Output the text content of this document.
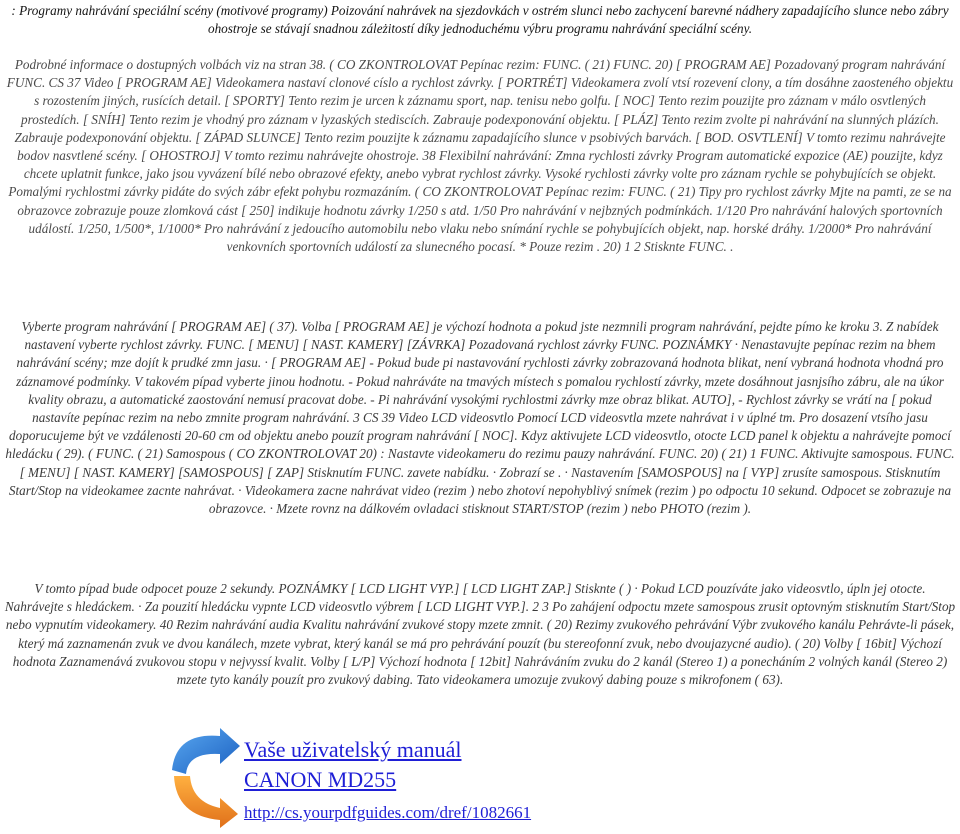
: Programy nahrávání speciální scény (motivové programy) Poizování nahrávek na sjezdovkách v ostrém slunci nebo zachycení barevné nádhery zapadajícího slunce nebo zábry ohostroje se stávají snadnou záleżitostí díky jednoduchému výbru programu nahrávání speciální scény.

Podrobné informace o dostupných volbách viz na stran 38. ( CO ZKONTROLOVAT Pepínac rezim: FUNC. ( 21) FUNC. 20) [ PROGRAM AE] Pozadovaný program nahrávání FUNC. CS 37 Video [ PROGRAM AE] Videokamera nastaví clonové císlo a rychlost závrky. [ PORTRÉT] Videokamera zvolí vtsí rozevení clony, a tím dosáhne zaosteného objektu s rozostením jiných, rusících detail. [ SPORTY] Tento rezim je urcen k záznamu sport, nap. tenisu nebo golfu. [ NOC] Tento rezim pouzijte pro záznam v málo osvtlených prostedích. [ SNÍH] Tento rezim je vhodný pro záznam v lyzaských stediscích. Zabrauje podexponování objektu. [ PLÁZ] Tento rezim zvolte pi nahrávání na slunných plázích. Zabrauje podexponování objektu. [ ZÁPAD SLUNCE] Tento rezim pouzijte k záznamu zapadajícího slunce v psobivých barvách. [ BOD. OSVTLENÍ] V tomto rezimu nahrávejte bodov nasvtlené scény. [ OHOSTROJ] V tomto rezimu nahrávejte ohostroje. 38 Flexibilní nahrávání: Zmna rychlosti závrky Program automatické expozice (AE) pouzijte, kdyz chcete uplatnit funkce, jako jsou vyvázení bílé nebo obrazové efekty, anebo vybrat rychlost závrky. Vysoké rychlosti závrky volte pro záznam rychle se pohybujících se objekt. Pomalými rychlostmi závrky pidáte do svých zábr efekt pohybu rozmazáním. ( CO ZKONTROLOVAT Pepínac rezim: FUNC. ( 21) Tipy pro rychlost závrky Mjte na pamti, ze se na obrazovce zobrazuje pouze zlomková cást [ 250] indikuje hodnotu závrky 1/250 s atd. 1/50 Pro nahrávání v nejbzných podmínkách. 1/120 Pro nahrávání halových sportovních událostí. 1/250, 1/500*, 1/1000* Pro nahrávání z jedoucího automobilu nebo vlaku nebo snímání rychle se pohybujících objekt, nap. horské dráhy. 1/2000* Pro nahrávání venkovních sportovních událostí za slunecného pocasí. * Pouze rezim . 20) 1 2 Stisknte FUNC. .

Vyberte program nahrávání [ PROGRAM AE] ( 37). Volba [ PROGRAM AE] je výchozí hodnota a pokud jste nezmnili program nahrávání, pejdte pímo ke kroku 3. Z nabídek nastavení vyberte rychlost závrky. FUNC. [ MENU] [ NAST. KAMERY] [ZÁVRKA] Pozadovaná rychlost závrky FUNC. POZNÁMKY · Nenastavujte pepínac rezim na bhem nahrávání scény; mze dojít k prudké zmn jasu. · [ PROGRAM AE] - Pokud bude pi nastavování rychlosti závrky zobrazovaná hodnota blikat, není vybraná hodnota vhodná pro záznamové podmínky. V takovém pípad vyberte jinou hodnotu. - Pokud nahráváte na tmavých místech s pomalou rychlostí závrky, mzete dosáhnout jasnjsího zábru, ale na úkor kvality obrazu, a automatické zaostování nemusí pracovat dobe. - Pi nahrávání vysokými rychlostmi závrky mze obraz blikat. AUTO], - Rychlost závrky se vrátí na [ pokud nastavíte pepínac rezim na nebo zmnite program nahrávání. 3 CS 39 Video LCD videosvtlo Pomocí LCD videosvtla mzete nahrávat i v úplné tm. Pro dosazení vtsího jasu doporucujeme být ve vzdálenosti 20-60 cm od objektu anebo pouzít program nahrávání [ NOC]. Kdyz aktivujete LCD videosvtlo, otocte LCD panel k objektu a nahrávejte pomocí hledácku ( 29). ( FUNC. ( 21) Samospous ( CO ZKONTROLOVAT 20) : Nastavte videokameru do rezimu pauzy nahrávání. FUNC. 20) ( 21) 1 FUNC. Aktivujte samospous. FUNC. [ MENU] [ NAST. KAMERY] [SAMOSPOUS] [ ZAP] Stisknutím FUNC. zavete nabídku. · Zobrazí se . · Nastavením [SAMOSPOUS] na [ VYP] zrusíte samospous. Stisknutím Start/Stop na videokamee zacnte nahrávat. · Videokamera zacne nahrávat video (rezim ) nebo zhotoví nepohyblivý snímek (rezim ) po odpoctu 10 sekund. Odpocet se zobrazuje na obrazovce. · Mzete rovnz na dálkovém ovladaci stisknout START/STOP (rezim ) nebo PHOTO (rezim ).

V tomto pípad bude odpocet pouze 2 sekundy. POZNÁMKY [ LCD LIGHT VYP.] [ LCD LIGHT ZAP.] Stisknte ( ) · Pokud LCD pouzíváte jako videosvtlo, úpln jej otocte. Nahrávejte s hledáckem. · Za pouzití hledácku vypnte LCD videosvtlo výbrem [ LCD LIGHT VYP.]. 2 3 Po zahájení odpoctu mzete samospous zrusit optovným stisknutím Start/Stop nebo vypnutím videokamery. 40 Rezim nahrávání audia Kvalitu nahrávání zvukové stopy mzete zmnit. ( 20) Rezimy zvukového pehrávání Výbr zvukového kanálu Pehrávte-li pásek, který má zaznamenán zvuk ve dvou kanálech, mzete vybrat, který kanál se má pro pehrávání pouzít (bu stereofonní zvuk, nebo dvoujazycné audio). ( 20) Volby [ 16bit] Výchozí hodnota Zaznamenává zvukovou stopu v nejvyssí kvalit. Volby [ L/P] Výchozí hodnota [ 12bit] Nahráváním zvuku do 2 kanál (Stereo 1) a ponecháním 2 volných kanál (Stereo 2) mzete tyto kanály pouzít pro zvukový dabing. Tato videokamera umozuje zvukový dabing pouze s mikrofonem ( 63).

Vaše uživatelský manuál
CANON MD255
http://cs.yourpdfguides.com/dref/1082661
